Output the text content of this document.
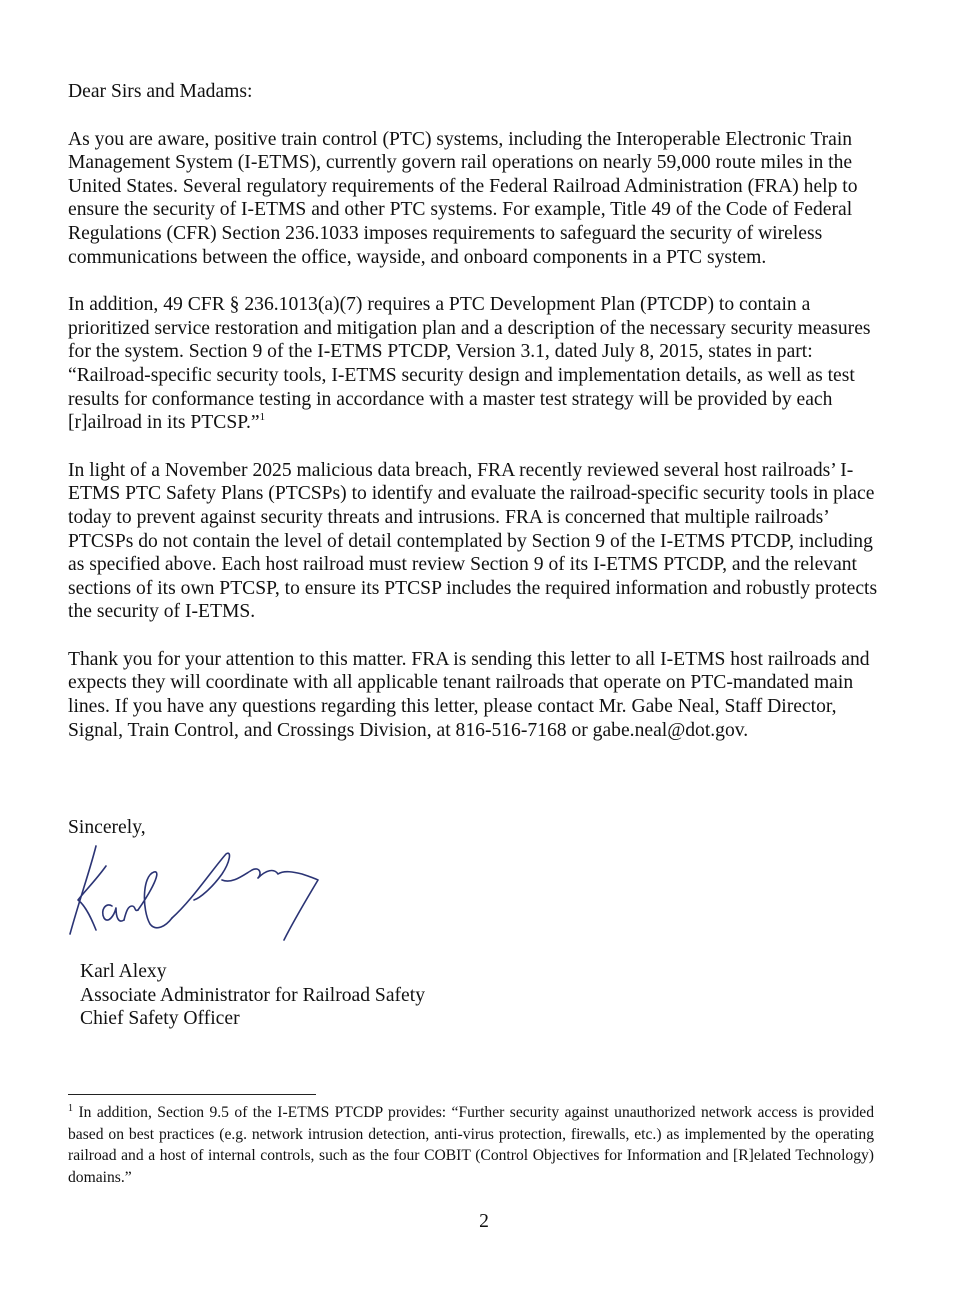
Dear Sirs and Madams:

As you are aware, positive train control (PTC) systems, including the Interoperable Electronic Train Management System (I-ETMS), currently govern rail operations on nearly 59,000 route miles in the United States. Several regulatory requirements of the Federal Railroad Administration (FRA) help to ensure the security of I-ETMS and other PTC systems. For example, Title 49 of the Code of Federal Regulations (CFR) Section 236.1033 imposes requirements to safeguard the security of wireless communications between the office, wayside, and onboard components in a PTC system.

In addition, 49 CFR § 236.1013(a)(7) requires a PTC Development Plan (PTCDP) to contain a prioritized service restoration and mitigation plan and a description of the necessary security measures for the system. Section 9 of the I-ETMS PTCDP, Version 3.1, dated July 8, 2015, states in part: “Railroad-specific security tools, I-ETMS security design and implementation details, as well as test results for conformance testing in accordance with a master test strategy will be provided by each [r]ailroad in its PTCSP.”$^1$

In light of a November 2025 malicious data breach, FRA recently reviewed several host railroads’ I-ETMS PTC Safety Plans (PTCSPs) to identify and evaluate the railroad-specific security tools in place today to prevent against security threats and intrusions. FRA is concerned that multiple railroads’ PTCSPs do not contain the level of detail contemplated by Section 9 of the I-ETMS PTCDP, including as specified above. Each host railroad must review Section 9 of its I-ETMS PTCDP, and the relevant sections of its own PTCSP, to ensure its PTCSP includes the required information and robustly protects the security of I-ETMS.

Thank you for your attention to this matter. FRA is sending this letter to all I-ETMS host railroads and expects they will coordinate with all applicable tenant railroads that operate on PTC-mandated main lines. If you have any questions regarding this letter, please contact Mr. Gabe Neal, Staff Director, Signal, Train Control, and Crossings Division, at 816-516-7168 or gabe.neal@dot.gov.

Sincerely,
Karl Alexy
Associate Administrator for Railroad Safety
Chief Safety Officer
$^1$ In addition, Section 9.5 of the I-ETMS PTCDP provides: “Further security against unauthorized network access is provided based on best practices (e.g. network intrusion detection, anti-virus protection, firewalls, etc.) as implemented by the operating railroad and a host of internal controls, such as the four COBIT (Control Objectives for Information and [R]elated Technology) domains.”
2
